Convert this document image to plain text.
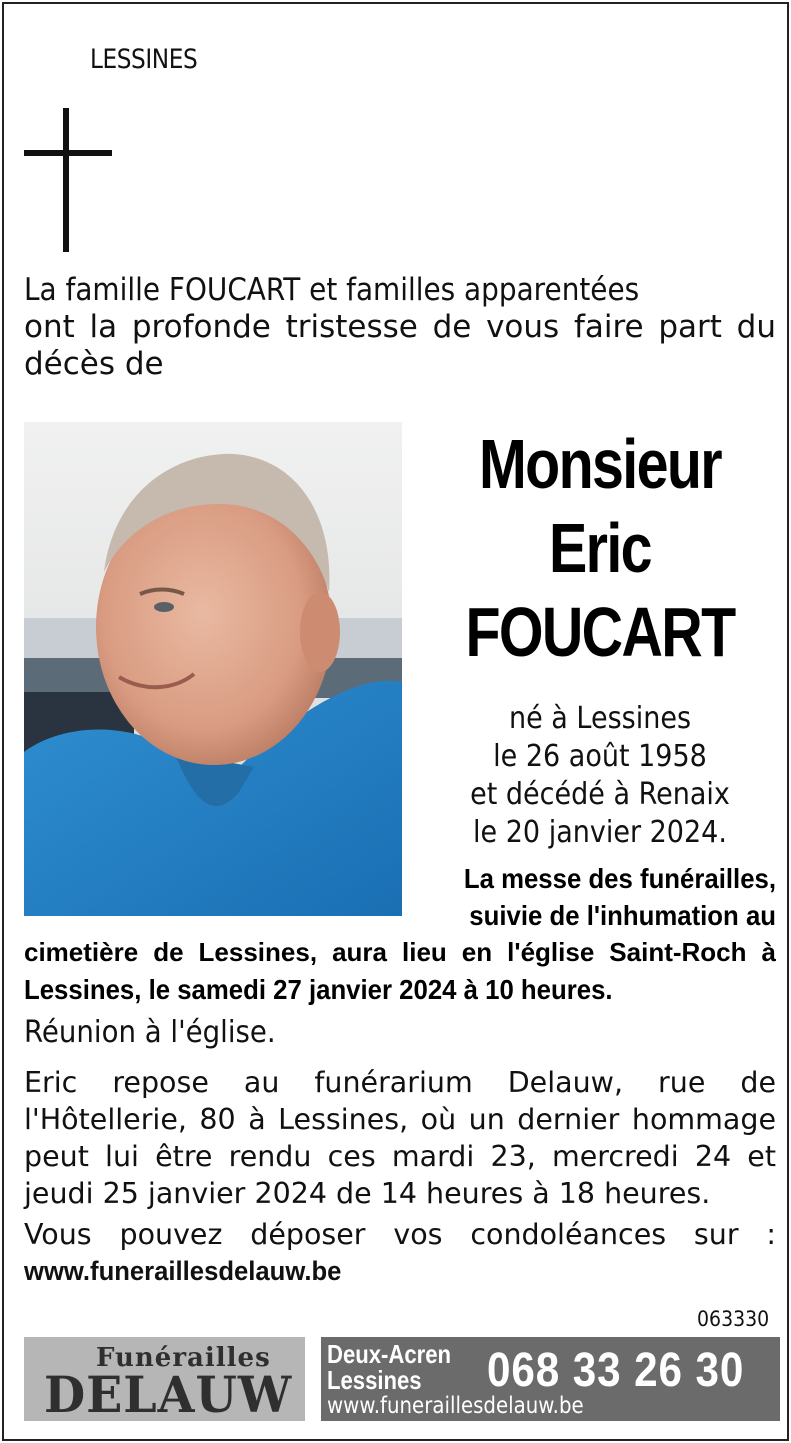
LESSINES
La famille FOUCART et familles apparentées
ont la profonde tristesse de vous faire part du
décès de
Monsieur
Eric
FOUCART
né à Lessines
le 26 août 1958
et décédé à Renaix
le 20 janvier 2024.
La messe des funérailles,
suivie de l'inhumation au
cimetière de Lessines, aura lieu en l'église Saint-Roch à
Lessines, le samedi 27 janvier 2024 à 10 heures.
Réunion à l'église.
Eric repose au funérarium Delauw, rue de
l'Hôtellerie, 80 à Lessines, où un dernier hommage
peut lui être rendu ces mardi 23, mercredi 24 et
jeudi 25 janvier 2024 de 14 heures à 18 heures.
Vous pouvez déposer vos condoléances sur :
www.funeraillesdelauw.be
063330
Funérailles
DELAUW
Deux-Acren
Lessines 068 33 26 30
www.funeraillesdelauw.be
